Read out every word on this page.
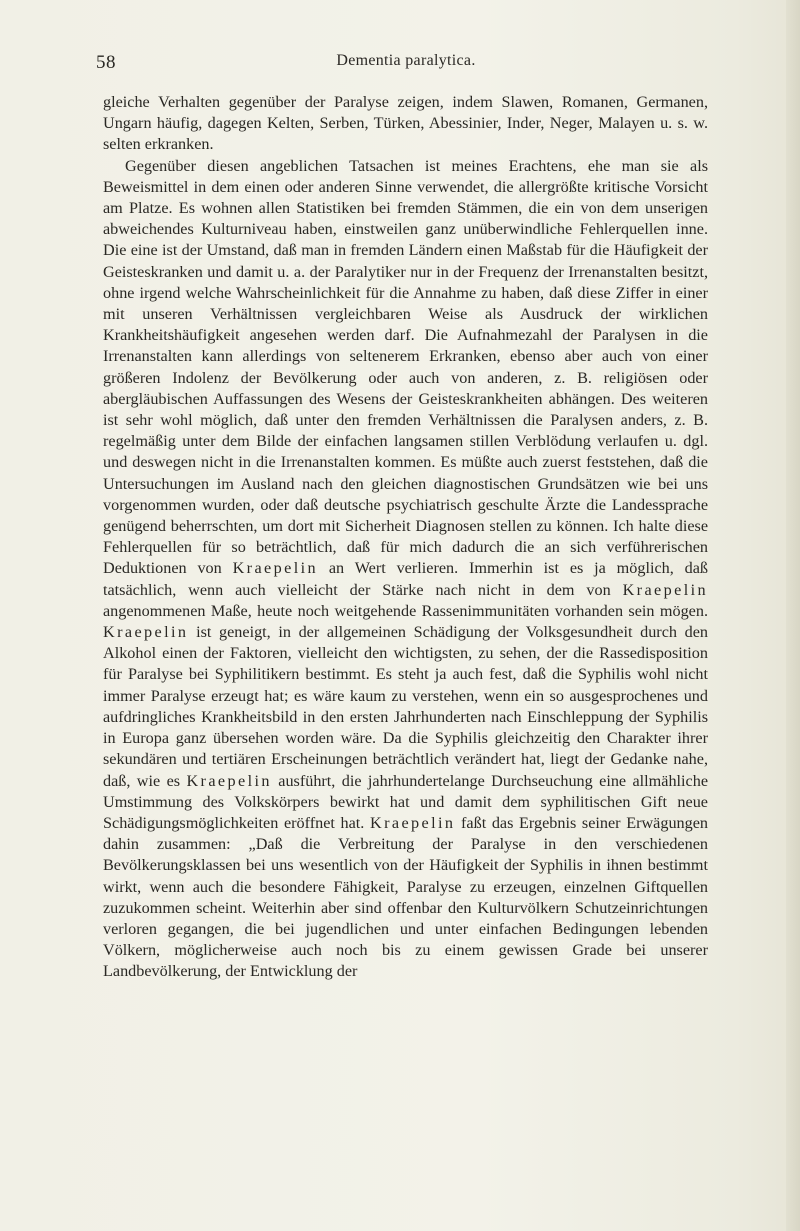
58	Dementia paralytica.

gleiche Verhalten gegenüber der Paralyse zeigen, indem Slawen, Romanen, Germanen, Ungarn häufig, dagegen Kelten, Serben, Türken, Abessinier, Inder, Neger, Malayen u. s. w. selten erkranken.

Gegenüber diesen angeblichen Tatsachen ist meines Erachtens, ehe man sie als Beweismittel in dem einen oder anderen Sinne verwendet, die allergrößte kritische Vorsicht am Platze. Es wohnen allen Statistiken bei fremden Stämmen, die ein von dem unserigen abweichendes Kulturniveau haben, einstweilen ganz unüberwindliche Fehlerquellen inne. Die eine ist der Umstand, daß man in fremden Ländern einen Maßstab für die Häufigkeit der Geisteskranken und damit u. a. der Paralytiker nur in der Frequenz der Irrenanstalten besitzt, ohne irgend welche Wahrscheinlichkeit für die Annahme zu haben, daß diese Ziffer in einer mit unseren Verhältnissen vergleichbaren Weise als Ausdruck der wirklichen Krankheitshäufigkeit angesehen werden darf. Die Aufnahmezahl der Paralysen in die Irrenanstalten kann allerdings von seltenerem Erkranken, ebenso aber auch von einer größeren Indolenz der Bevölkerung oder auch von anderen, z. B. religiösen oder abergläubischen Auffassungen des Wesens der Geisteskrankheiten abhängen. Des weiteren ist sehr wohl möglich, daß unter den fremden Verhältnissen die Paralysen anders, z. B. regelmäßig unter dem Bilde der einfachen langsamen stillen Verblödung verlaufen u. dgl. und deswegen nicht in die Irrenanstalten kommen. Es müßte auch zuerst feststehen, daß die Untersuchungen im Ausland nach den gleichen diagnostischen Grundsätzen wie bei uns vorgenommen wurden, oder daß deutsche psychiatrisch geschulte Ärzte die Landessprache genügend beherrschten, um dort mit Sicherheit Diagnosen stellen zu können. Ich halte diese Fehlerquellen für so beträchtlich, daß für mich dadurch die an sich verführerischen Deduktionen von Kraepelin an Wert verlieren. Immerhin ist es ja möglich, daß tatsächlich, wenn auch vielleicht der Stärke nach nicht in dem von Kraepelin angenommenen Maße, heute noch weitgehende Rassenimmunitäten vorhanden sein mögen. Kraepelin ist geneigt, in der allgemeinen Schädigung der Volksgesundheit durch den Alkohol einen der Faktoren, vielleicht den wichtigsten, zu sehen, der die Rassedisposition für Paralyse bei Syphilitikern bestimmt. Es steht ja auch fest, daß die Syphilis wohl nicht immer Paralyse erzeugt hat; es wäre kaum zu verstehen, wenn ein so ausgesprochenes und aufdringliches Krankheitsbild in den ersten Jahrhunderten nach Einschleppung der Syphilis in Europa ganz übersehen worden wäre. Da die Syphilis gleichzeitig den Charakter ihrer sekundären und tertiären Erscheinungen beträchtlich verändert hat, liegt der Gedanke nahe, daß, wie es Kraepelin ausführt, die jahrhundertelange Durchseuchung eine allmähliche Umstimmung des Volkskörpers bewirkt hat und damit dem syphilitischen Gift neue Schädigungsmöglichkeiten eröffnet hat. Kraepelin faßt das Ergebnis seiner Erwägungen dahin zusammen: „Daß die Verbreitung der Paralyse in den verschiedenen Bevölkerungsklassen bei uns wesentlich von der Häufigkeit der Syphilis in ihnen bestimmt wirkt, wenn auch die besondere Fähigkeit, Paralyse zu erzeugen, einzelnen Giftquellen zuzukommen scheint. Weiterhin aber sind offenbar den Kulturvölkern Schutzeinrichtungen verloren gegangen, die bei jugendlichen und unter einfachen Bedingungen lebenden Völkern, möglicherweise auch noch bis zu einem gewissen Grade bei unserer Landbevölkerung, der Entwicklung der
